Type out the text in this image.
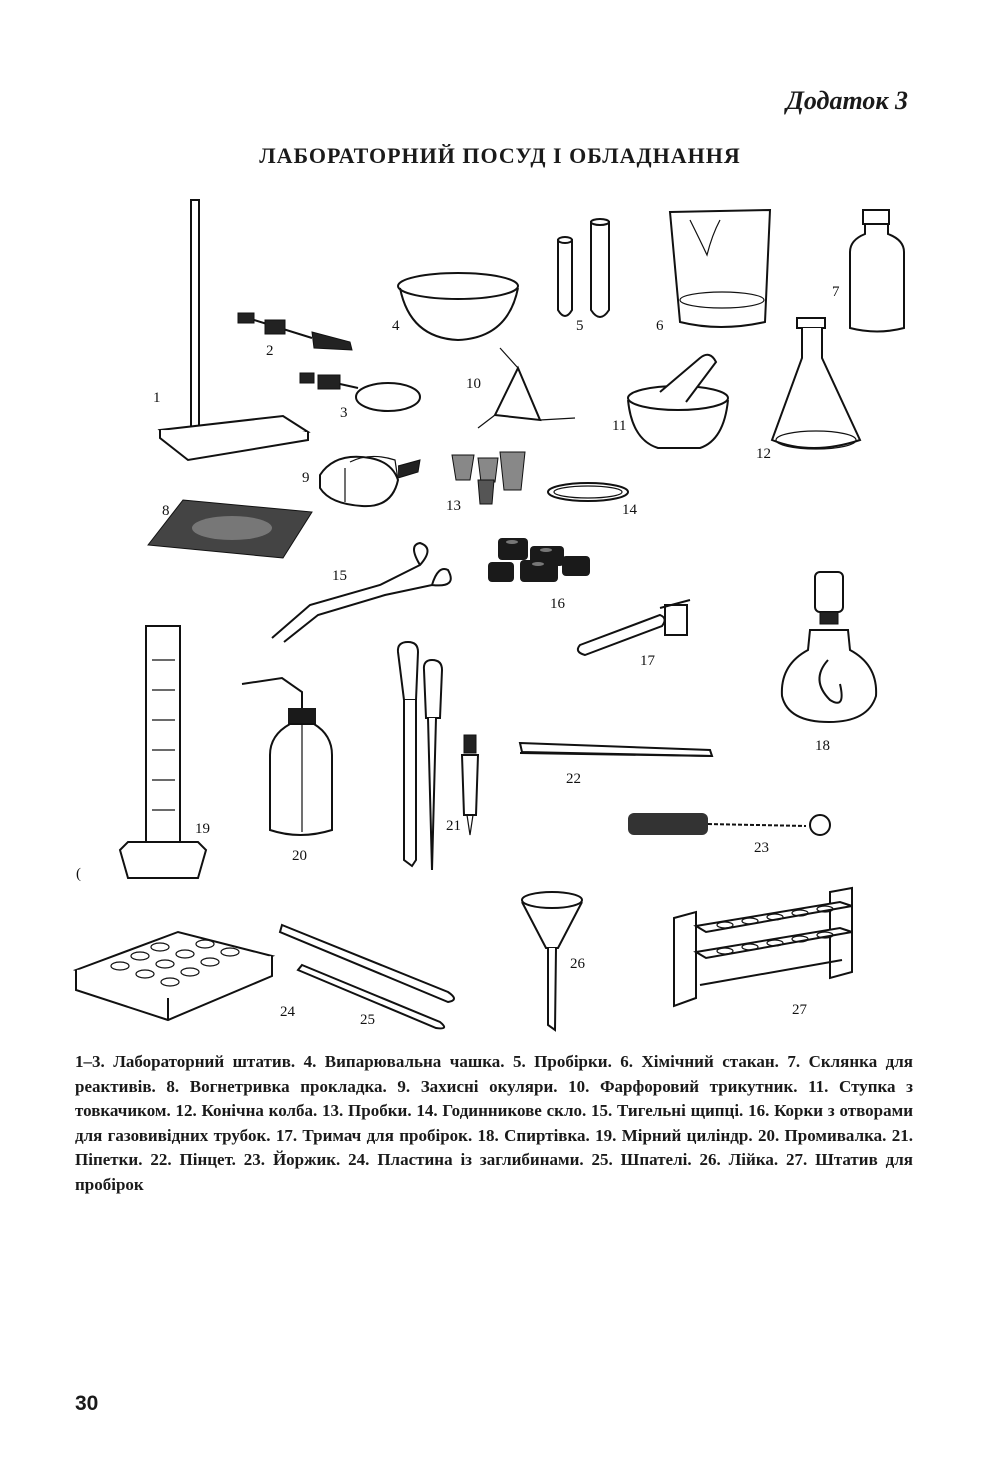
Додаток 3
ЛАБОРАТОРНИЙ ПОСУД І ОБЛАДНАННЯ
1
2
3
4	5	6
7
8
9
10
11
12
13	14
15
16
17
18
19
(
20
21
22
23
24	25
26
27
1–3. Лабораторний штатив. 4. Випарювальна чашка. 5. Пробірки. 6. Хімічний стакан. 7. Склянка для реактивів. 8. Вогнетривка прокладка. 9. Захисні окуляри. 10. Фарфоровий трикутник. 11. Ступка з товкачиком. 12. Конічна колба. 13. Пробки. 14. Годинникове скло. 15. Тигельні щипці. 16. Корки з отворами для газовивідних трубок. 17. Тримач для пробірок. 18. Спиртівка. 19. Мірний циліндр. 20. Промивалка. 21. Піпетки. 22. Пінцет. 23. Йоржик. 24. Пластина із заглибинами. 25. Шпателі. 26. Лійка. 27. Штатив для пробірок
30
